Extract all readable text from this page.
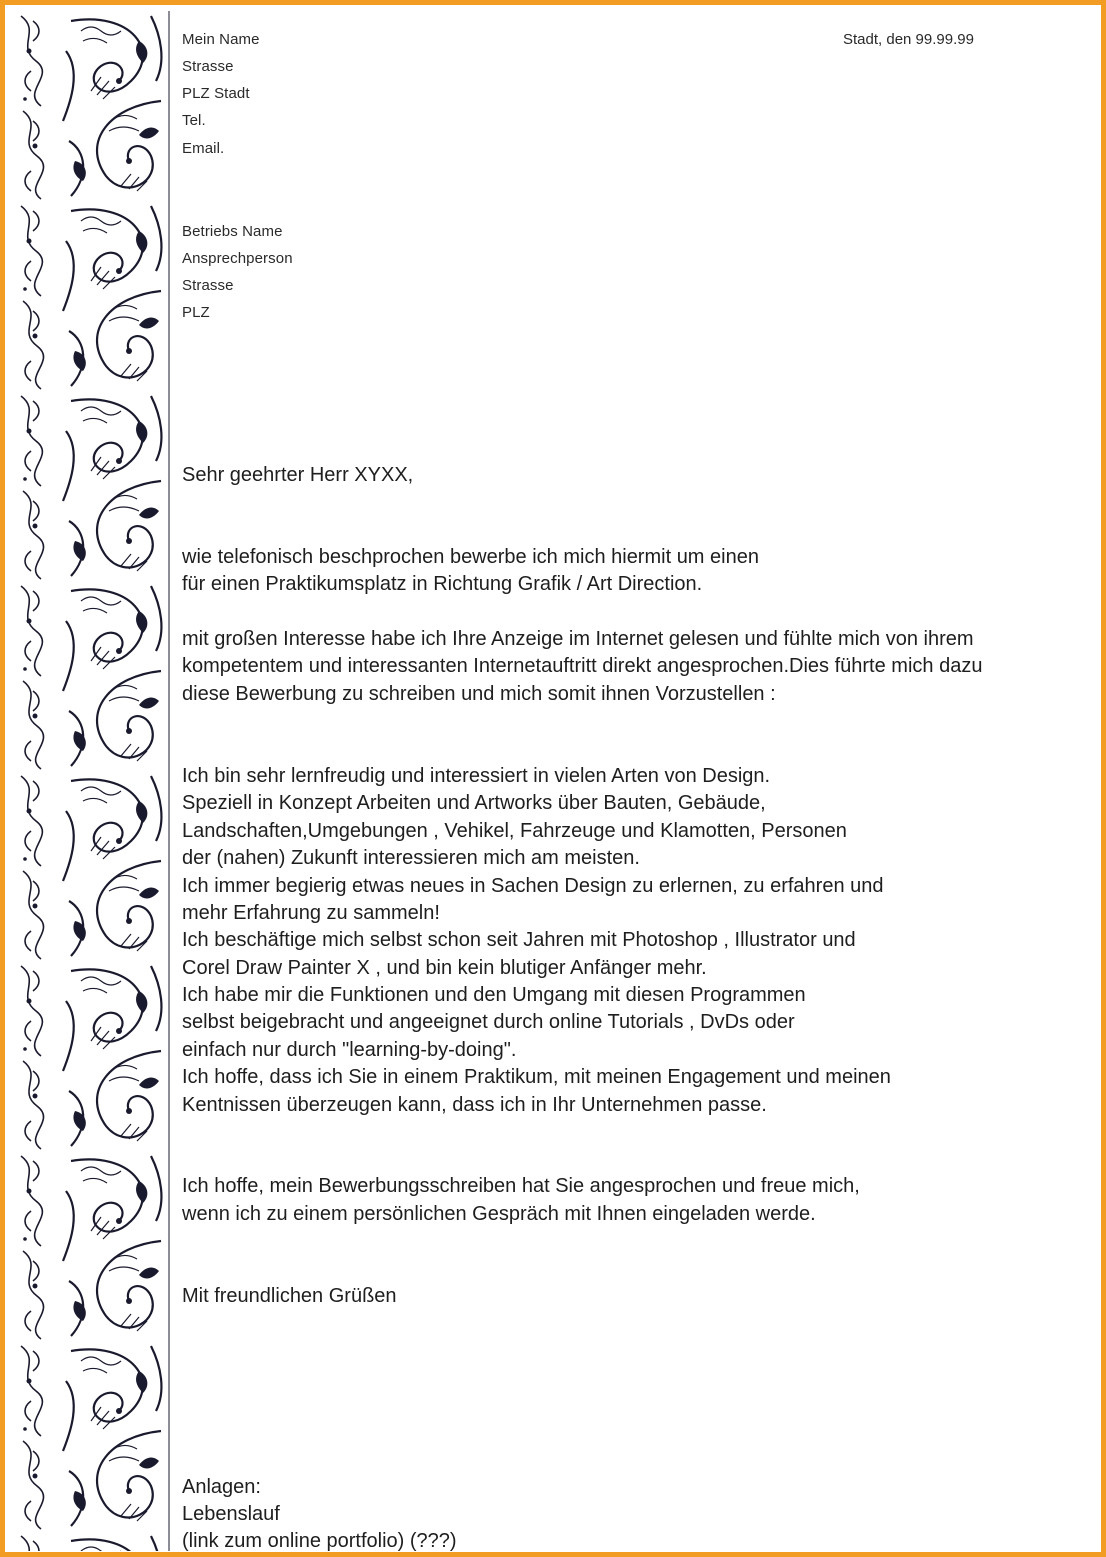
Stadt, den 99.99.99
Mein Name
Strasse
PLZ Stadt
Tel.
Email.
Betriebs Name
Ansprechperson
Strasse
PLZ
Sehr geehrter Herr XYXX,
wie telefonisch beschprochen bewerbe ich mich hiermit um einen
für einen Praktikumsplatz in Richtung Grafik / Art Direction.
mit großen Interesse habe ich Ihre Anzeige im Internet gelesen und fühlte mich von ihrem
kompetentem und interessanten Internetauftritt direkt angesprochen.Dies führte mich dazu
diese Bewerbung zu schreiben und mich somit ihnen Vorzustellen :
Ich bin sehr lernfreudig und interessiert in vielen Arten von Design.
Speziell in Konzept Arbeiten und Artworks über Bauten, Gebäude,
Landschaften,Umgebungen , Vehikel, Fahrzeuge und Klamotten, Personen
der (nahen) Zukunft interessieren mich am meisten.
Ich immer begierig etwas neues in Sachen Design zu erlernen, zu erfahren und
mehr Erfahrung zu sammeln!
Ich beschäftige mich selbst schon seit Jahren mit Photoshop , Illustrator und
Corel Draw Painter X , und bin kein blutiger Anfänger mehr.
Ich habe mir die Funktionen und den Umgang mit diesen Programmen
selbst beigebracht und angeeignet durch online Tutorials , DvDs oder
einfach nur durch "learning-by-doing".
Ich hoffe, dass ich Sie in einem Praktikum, mit meinen Engagement und meinen
Kentnissen überzeugen kann, dass ich in Ihr Unternehmen passe.
Ich hoffe, mein Bewerbungsschreiben hat Sie angesprochen und freue mich,
wenn ich zu einem persönlichen Gespräch mit Ihnen eingeladen werde.
Mit freundlichen Grüßen
Anlagen:
Lebenslauf
(link zum online portfolio) (???)
